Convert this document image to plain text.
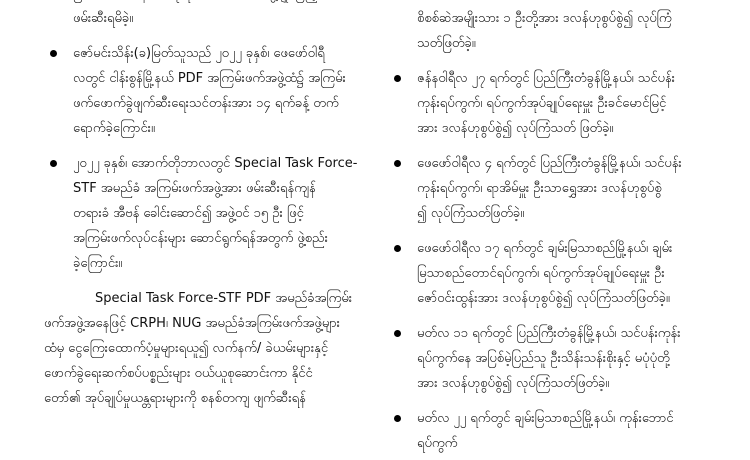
ဖမ်းဆီးရမိခဲ့။
ဇော်မင်းသိန်း(ခ)မြတ်သူသည် ၂၀၂၂ ခုနှစ်၊ ဖေဖော်ဝါရီ
လတွင် ငါန်းစွန်မြို့နယ် PDF အကြမ်းဖက်အဖွဲ့ထံ၌ အကြမ်း
ဖက်ဖောက်ခွဲဖျက်ဆီးရေးသင်တန်းအား ၁၄ ရက်ခန့် တက်
ရောက်ခဲ့ကြောင်း။
၂၀၂၂ ခုနှစ်၊ အောက်တိုဘာလတွင် Special Task Force-
STF အမည်ခံ အကြမ်းဖက်အဖွဲ့အား ဖမ်းဆီးရန်ကျန်
တရားခံ အီဗန် ခေါင်းဆောင်၍ အဖွဲ့ဝင် ၁၅ ဦး ဖြင့်
အကြမ်းဖက်လုပ်ငန်းများ ဆောင်ရွက်ရန်အတွက် ဖွဲ့စည်း
ခဲ့ကြောင်း။
Special Task Force-STF PDF အမည်ခံအကြမ်း
ဖက်အဖွဲ့အနေဖြင့် CRPH၊ NUG အမည်ခံအကြမ်းဖက်အဖွဲ့များ
ထံမှ ငွေကြေးထောက်ပံ့မှုများရယူ၍ လက်နက်/ ခဲယမ်းများနှင့်
ဖောက်ခွဲရေးဆက်စပ်ပစ္စည်းများ ဝယ်ယူစုဆောင်းကာ နိုင်ငံ
တော်၏ အုပ်ချုပ်မှုယန္တရားများကို စနစ်တကျ ဖျက်ဆီးရန်
စိစစ်ဆဲအမျိုးသား ၁ ဦးတို့အား ဒလန်ဟုစွပ်စွဲ၍ လုပ်ကြံ
သတ်ဖြတ်ခဲ့။
ဇန်နဝါရီလ ၂၇ ရက်တွင် ပြည်ကြီးတံခွန်မြို့နယ်၊ သင်ပန်း
ကုန်းရပ်ကွက်၊ ရပ်ကွက်အုပ်ချုပ်ရေးမှူး ဦးခင်မောင်မြင့်
အား ဒလန်ဟုစွပ်စွဲ၍ လုပ်ကြံသတ် ဖြတ်ခဲ့။
ဖေဖော်ဝါရီလ ၄ ရက်တွင် ပြည်ကြီးတံခွန်မြို့နယ်၊ သင်ပန်း
ကုန်းရပ်ကွက်၊ ရာအိမ်မှူး ဦးသာရွှေအား ဒလန်ဟုစွပ်စွဲ
၍ လုပ်ကြံသတ်ဖြတ်ခဲ့။
ဖေဖော်ဝါရီလ ၁၇ ရက်တွင် ချမ်းမြသာစည်မြို့နယ်၊ ချမ်း
မြသာစည်တောင်ရပ်ကွက်၊ ရပ်ကွက်အုပ်ချုပ်ရေးမှူး ဦး
ဇော်ဝင်းထွန်းအား ဒလန်ဟုစွပ်စွဲ၍ လုပ်ကြံသတ်ဖြတ်ခဲ့။
မတ်လ ၁၁ ရက်တွင် ပြည်ကြီးတံခွန်မြို့နယ်၊ သင်ပန်းကုန်း
ရပ်ကွက်နေ အပြစ်မဲ့ပြည်သူ ဦးသိန်းသန်းစိုးနှင့် မပုံပုံတို့
အား ဒလန်ဟုစွပ်စွဲ၍ လုပ်ကြံသတ်ဖြတ်ခဲ့။
မတ်လ ၂၂ ရက်တွင် ချမ်းမြသာစည်မြို့နယ်၊ ကုန်းဘောင်
ရပ်ကွက်
